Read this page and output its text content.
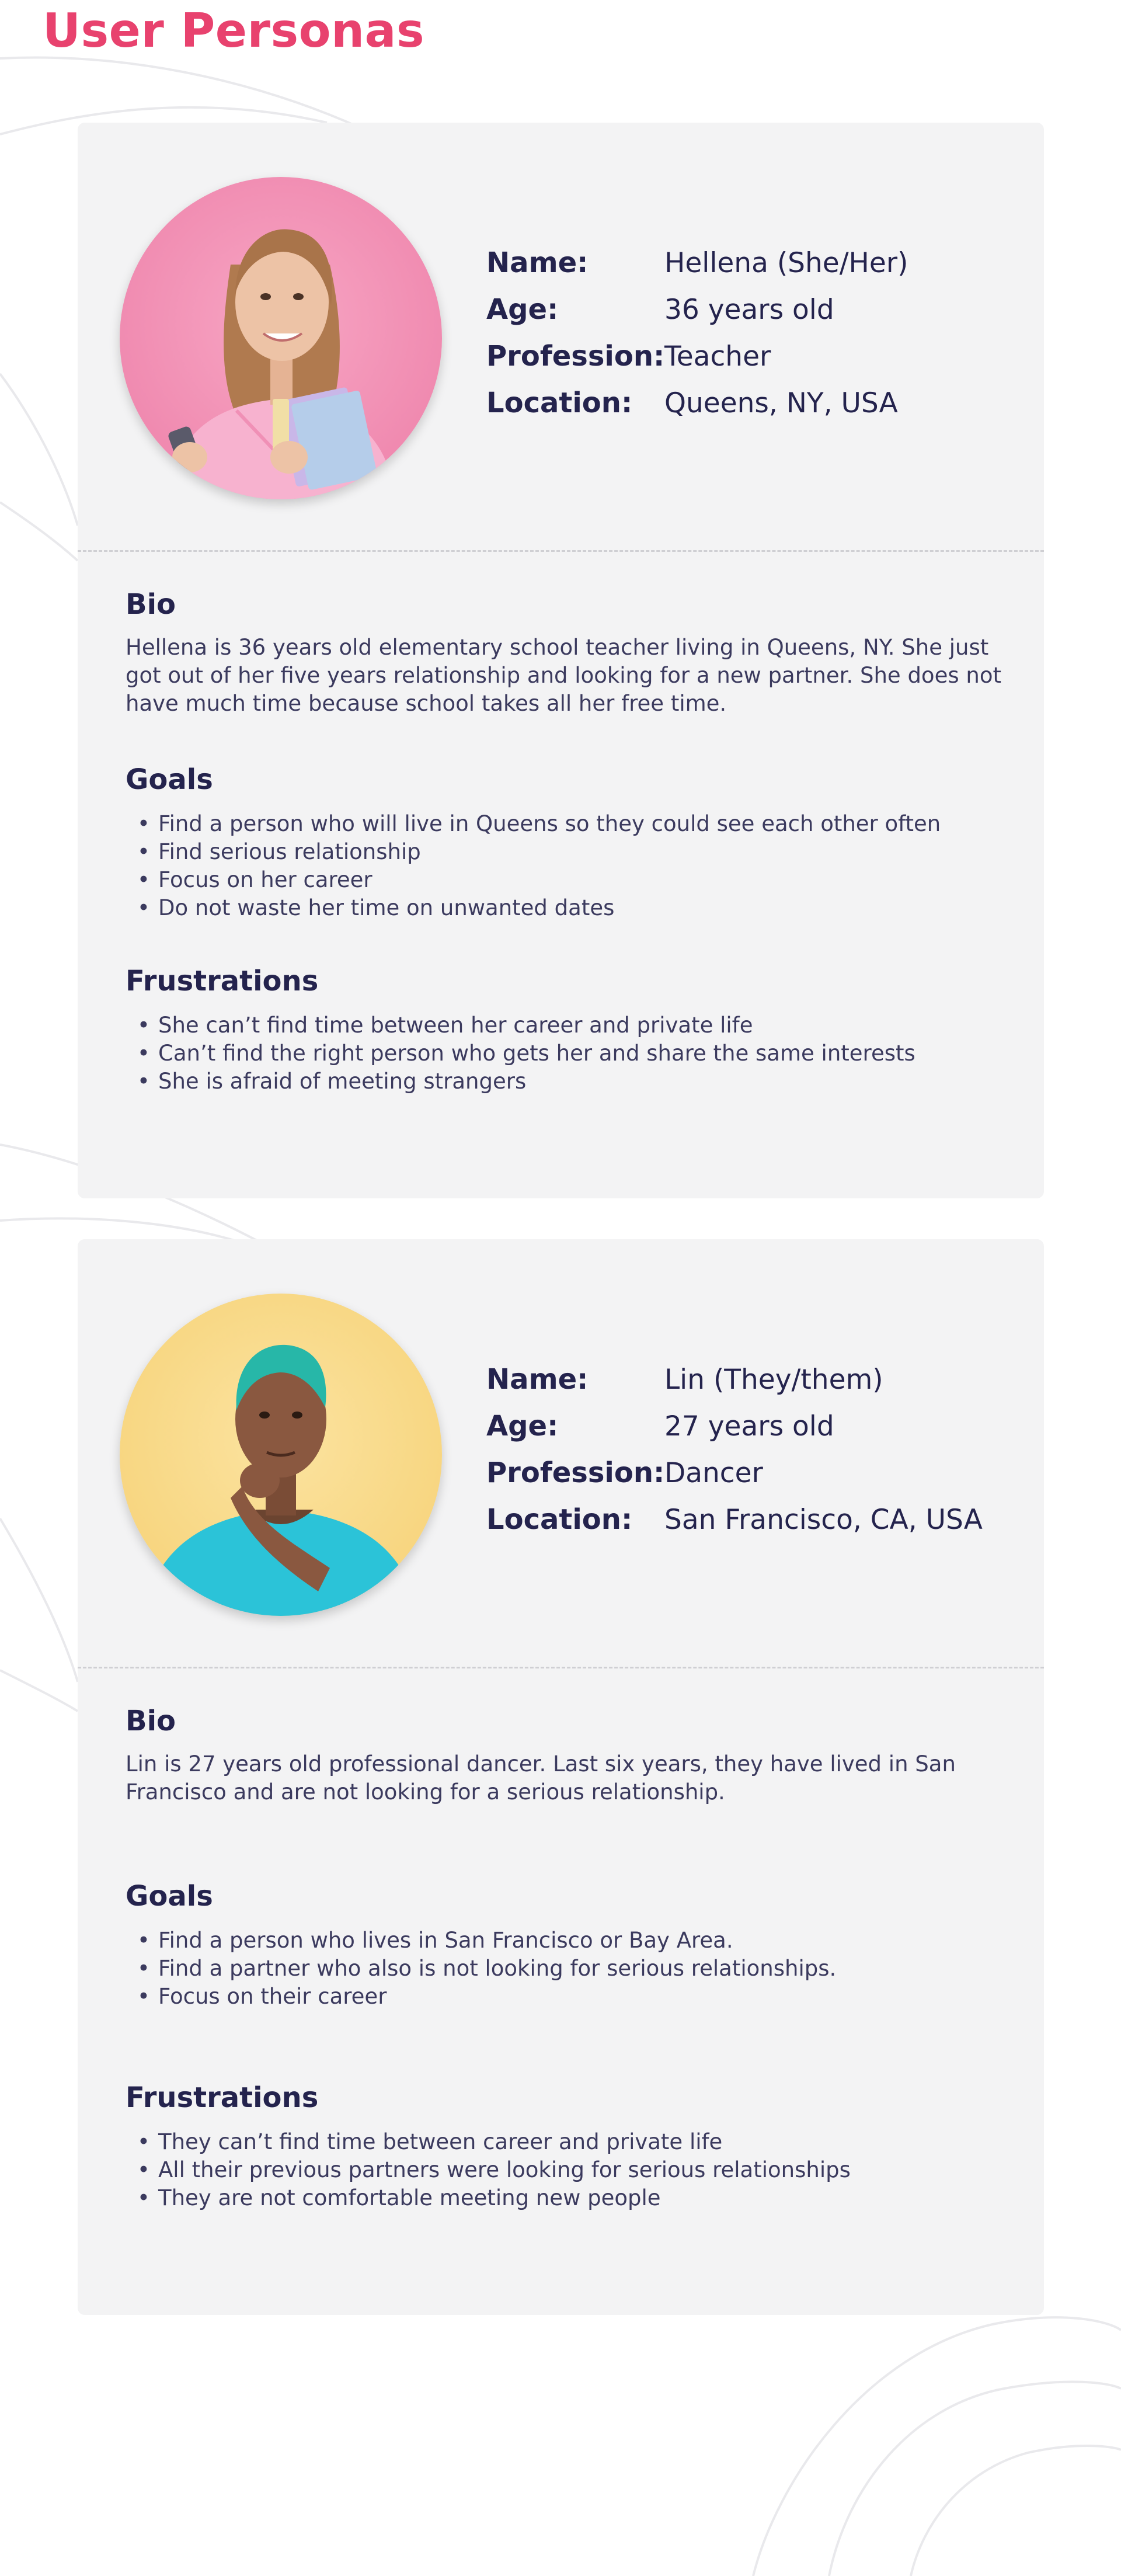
User Personas
Name:	Hellena (She/Her)
Age:	36 years old
Profession: Teacher
Location:	Queens, NY, USA
Bio

Hellena is 36 years old elementary school teacher living in Queens, NY. She just got out of her five years relationship and looking for a new partner. She does not have much time because school takes all her free time.

Goals
• Find a person who will live in Queens so they could see each other often
• Find serious relationship
• Focus on her career
• Do not waste her time on unwanted dates
Frustrations
• She can’t find time between her career and private life
• Can’t find the right person who gets her and share the same interests
• She is afraid of meeting strangers
Name:	Lin (They/them)
Age:	27 years old
Profession: Dancer
Location:	San Francisco, CA, USA
Bio

Lin is 27 years old professional dancer. Last six years, they have lived in San Francisco and are not looking for a serious relationship.

Goals
• Find a person who lives in San Francisco or Bay Area.
• Find a partner who also is not looking for serious relationships.
• Focus on their career
Frustrations
• They can’t find time between career and private life
• All their previous partners were looking for serious relationships
• They are not comfortable meeting new people
